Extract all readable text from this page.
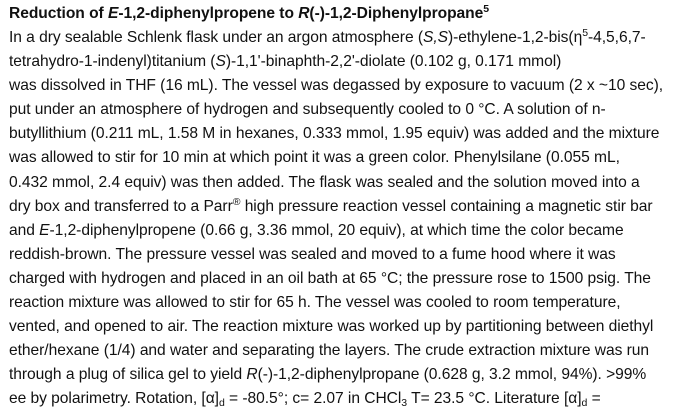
Reduction of E-1,2-diphenylpropene to R(-)-1,2-Diphenylpropane$^5$
In a dry sealable Schlenk flask under an argon atmosphere $(S,S)-ethylene-1,2-bis(\eta^5-4,5,6,7-$
tetrahydro-1-indenyl)titanium (S)-1,1'-binaphth-2,2'-diolate (0.102 g, 0.171 mmol)
was dissolved in THF (16 mL). The vessel was degassed by exposure to vacuum (2 x ~10 sec),
put under an atmosphere of hydrogen and subsequently cooled to 0 °C. A solution of n-
butyllithium (0.211 mL, 1.58 M in hexanes, 0.333 mmol, 1.95 equiv) was added and the mixture
was allowed to stir for 10 min at which point it was a green color. Phenylsilane (0.055 mL,
0.432 mmol, 2.4 equiv) was then added. The flask was sealed and the solution moved into a
dry box and transferred to a Parr® high pressure reaction vessel containing a magnetic stir bar
and E-1,2-diphenylpropene (0.66 g, 3.36 mmol, 20 equiv), at which time the color became
reddish-brown. The pressure vessel was sealed and moved to a fume hood where it was
charged with hydrogen and placed in an oil bath at 65 °C; the pressure rose to 1500 psig. The
reaction mixture was allowed to stir for 65 h. The vessel was cooled to room temperature,
vented, and opened to air. The reaction mixture was worked up by partitioning between diethyl
ether/hexane (1/4) and water and separating the layers. The crude extraction mixture was run
through a plug of silica gel to yield R(-)-1,2-diphenylpropane (0.628 g, 3.2 mmol, 94%). >99%
ee by polarimetry. Rotation, $[\alpha]_d = -80.5^\circ$; c= 2.07 in CHCl$_3$ T= 23.5 °C. Literature $[\alpha]_d$ =
